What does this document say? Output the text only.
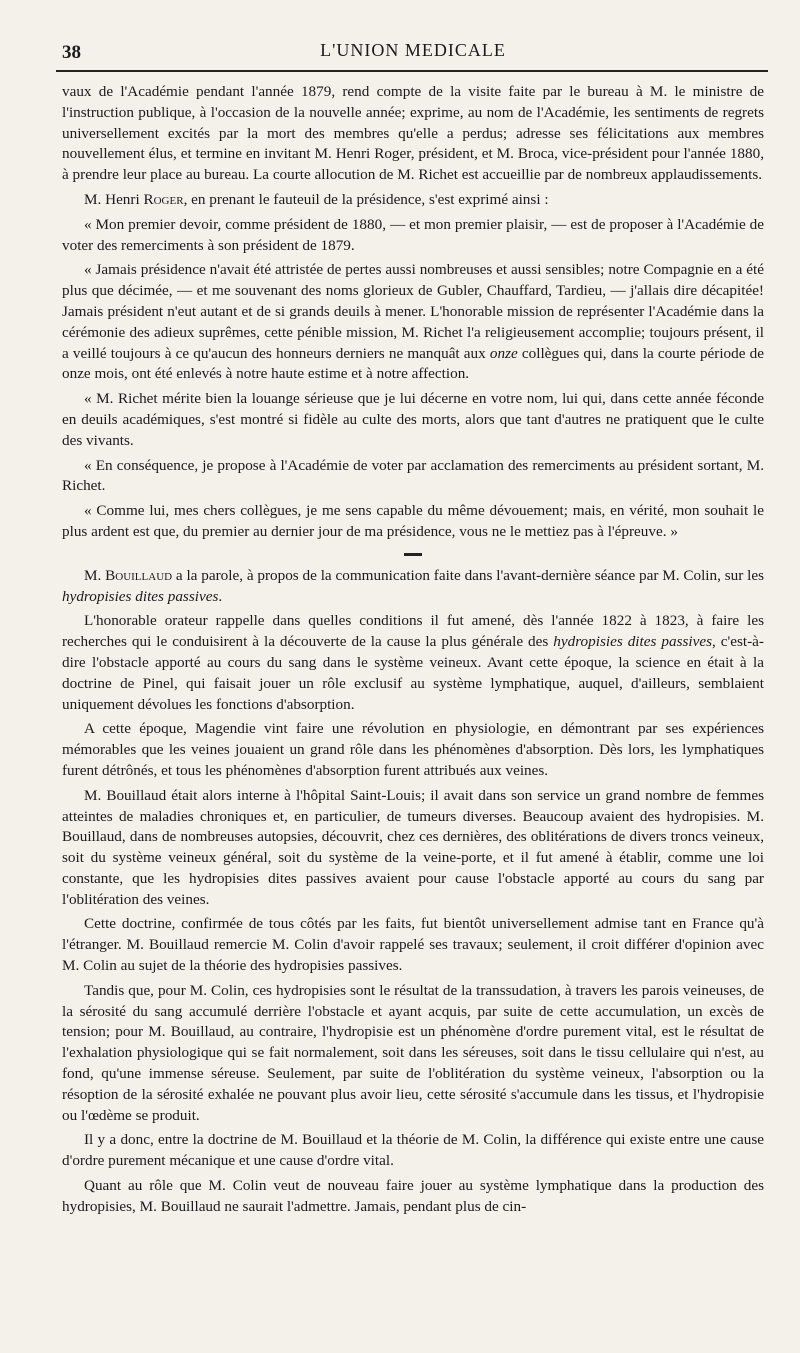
38	L'UNION MEDICALE

vaux de l'Académie pendant l'année 1879, rend compte de la visite faite par le bureau à M. le ministre de l'instruction publique, à l'occasion de la nouvelle année; exprime, au nom de l'Académie, les sentiments de regrets universellement excités par la mort des membres qu'elle a perdus; adresse ses félicitations aux membres nouvellement élus, et termine en invitant M. Henri Roger, président, et M. Broca, vice-président pour l'année 1880, à prendre leur place au bureau. La courte allocution de M. Richet est accueillie par de nombreux applaudissements.

M. Henri Roger, en prenant le fauteuil de la présidence, s'est exprimé ainsi :

« Mon premier devoir, comme président de 1880, — et mon premier plaisir, — est de proposer à l'Académie de voter des remerciments à son président de 1879.

« Jamais présidence n'avait été attristée de pertes aussi nombreuses et aussi sensibles; notre Compagnie en a été plus que décimée, — et me souvenant des noms glorieux de Gubler, Chauffard, Tardieu, — j'allais dire décapitée! Jamais président n'eut autant et de si grands deuils à mener. L'honorable mission de représenter l'Académie dans la cérémonie des adieux suprêmes, cette pénible mission, M. Richet l'a religieusement accomplie; toujours présent, il a veillé toujours à ce qu'aucun des honneurs derniers ne manquât aux onze collègues qui, dans la courte période de onze mois, ont été enlevés à notre haute estime et à notre affection.

« M. Richet mérite bien la louange sérieuse que je lui décerne en votre nom, lui qui, dans cette année féconde en deuils académiques, s'est montré si fidèle au culte des morts, alors que tant d'autres ne pratiquent que le culte des vivants.

« En conséquence, je propose à l'Académie de voter par acclamation des remerciments au président sortant, M. Richet.

« Comme lui, mes chers collègues, je me sens capable du même dévouement; mais, en vérité, mon souhait le plus ardent est que, du premier au dernier jour de ma présidence, vous ne le mettiez pas à l'épreuve. »

M. Bouillaud a la parole, à propos de la communication faite dans l'avant-dernière séance par M. Colin, sur les hydropisies dites passives.

L'honorable orateur rappelle dans quelles conditions il fut amené, dès l'année 1822 à 1823, à faire les recherches qui le conduisirent à la découverte de la cause la plus générale des hydropisies dites passives, c'est-à-dire l'obstacle apporté au cours du sang dans le système veineux. Avant cette époque, la science en était à la doctrine de Pinel, qui faisait jouer un rôle exclusif au système lymphatique, auquel, d'ailleurs, semblaient uniquement dévolues les fonctions d'absorption.

A cette époque, Magendie vint faire une révolution en physiologie, en démontrant par ses expériences mémorables que les veines jouaient un grand rôle dans les phénomènes d'absorption. Dès lors, les lymphatiques furent détrônés, et tous les phénomènes d'absorption furent attribués aux veines.

M. Bouillaud était alors interne à l'hôpital Saint-Louis; il avait dans son service un grand nombre de femmes atteintes de maladies chroniques et, en particulier, de tumeurs diverses. Beaucoup avaient des hydropisies. M. Bouillaud, dans de nombreuses autopsies, découvrit, chez ces dernières, des oblitérations de divers troncs veineux, soit du système veineux général, soit du système de la veine-porte, et il fut amené à établir, comme une loi constante, que les hydropisies dites passives avaient pour cause l'obstacle apporté au cours du sang par l'oblitération des veines.

Cette doctrine, confirmée de tous côtés par les faits, fut bientôt universellement admise tant en France qu'à l'étranger. M. Bouillaud remercie M. Colin d'avoir rappelé ses travaux; seulement, il croit différer d'opinion avec M. Colin au sujet de la théorie des hydropisies passives.

Tandis que, pour M. Colin, ces hydropisies sont le résultat de la transsudation, à travers les parois veineuses, de la sérosité du sang accumulé derrière l'obstacle et ayant acquis, par suite de cette accumulation, un excès de tension; pour M. Bouillaud, au contraire, l'hydropisie est un phénomène d'ordre purement vital, est le résultat de l'exhalation physiologique qui se fait normalement, soit dans les séreuses, soit dans le tissu cellulaire qui n'est, au fond, qu'une immense séreuse. Seulement, par suite de l'oblitération du système veineux, l'absorption ou la résoption de la sérosité exhalée ne pouvant plus avoir lieu, cette sérosité s'accumule dans les tissus, et l'hydropisie ou l'œdème se produit.

Il y a donc, entre la doctrine de M. Bouillaud et la théorie de M. Colin, la différence qui existe entre une cause d'ordre purement mécanique et une cause d'ordre vital.

Quant au rôle que M. Colin veut de nouveau faire jouer au système lymphatique dans la production des hydropisies, M. Bouillaud ne saurait l'admettre. Jamais, pendant plus de cin-
